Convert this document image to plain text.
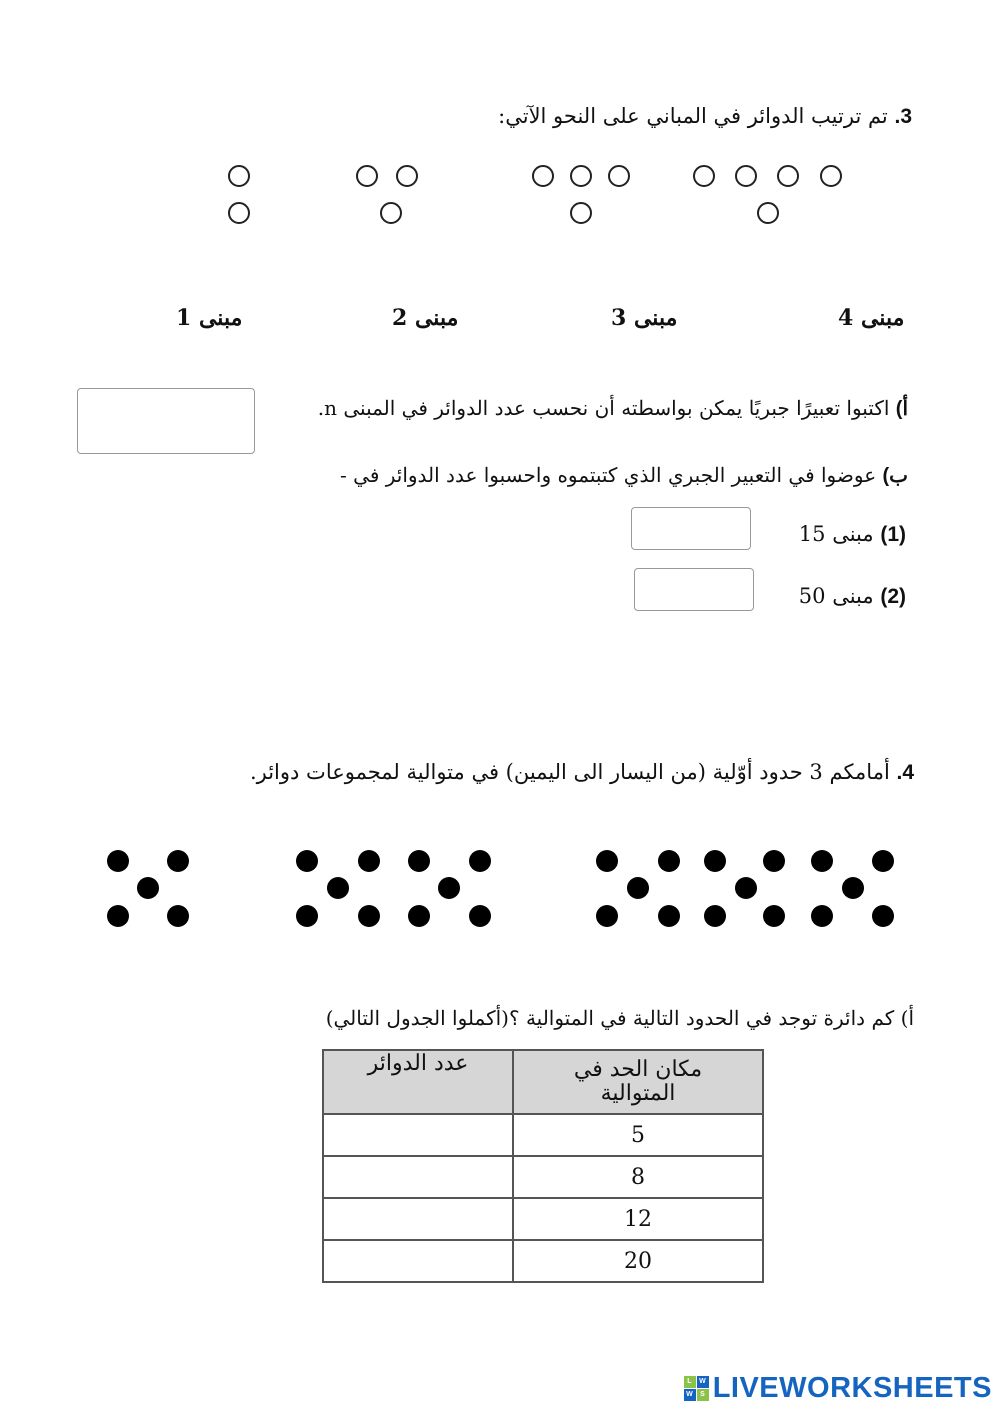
3. تم ترتيب الدوائر في المباني على النحو الآتي:
مبنى 1	مبنى 2	مبنى 3	مبنى 4
أ) اكتبوا تعبيرًا جبريًا يمكن بواسطته أن نحسب عدد الدوائر في المبنى n.
ب) عوضوا في التعبير الجبري الذي كتبتموه واحسبوا عدد الدوائر في -
(1) مبنى 15
(2) مبنى 50
4. أمامكم 3 حدود أوّلية (من اليسار الى اليمين) في متوالية لمجموعات دوائر.
أ) كم دائرة توجد في الحدود التالية في المتوالية ؟(أكملوا الجدول التالي)
عدد الدوائر	مكان الحد في المتوالية
	5
	8
	12
	20
L	W
W S LIVEWORKSHEETS
